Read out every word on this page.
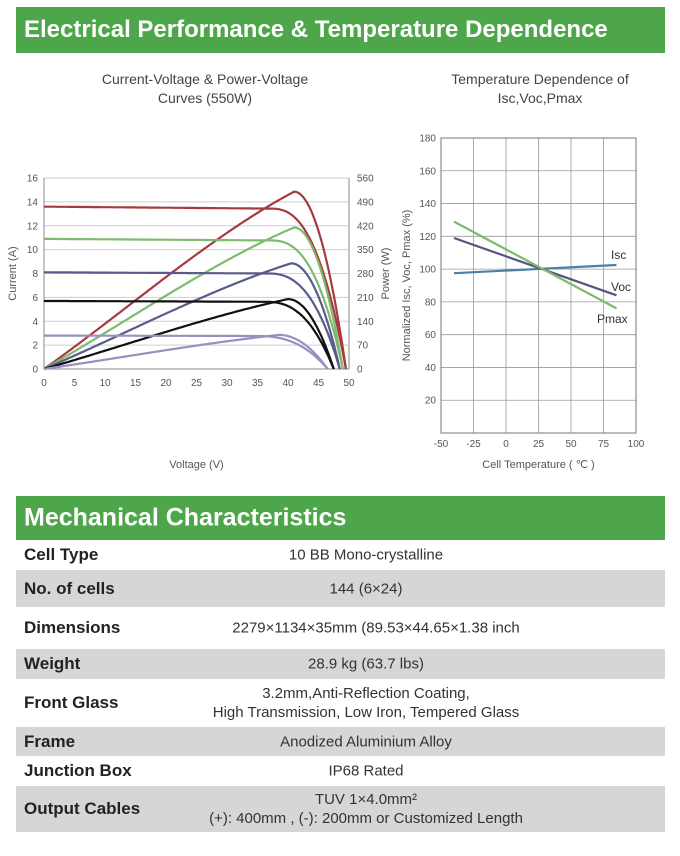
Electrical Performance & Temperature Dependence
Current-Voltage & Power-Voltage
Curves (550W)
Temperature Dependence of
Isc,Voc,Pmax
0
2
4
6
8
10
12
14
16
0
70
140
210
280
350
420
490
560
0 5 10 15 20 25 30 35 40 45 50
Voltage (V)
Current (A)	Power (W)
20
40
60
80
100
120
140
160
180
-50 -25 0 25 50 75 100
Isc
Voc
Pmax
Cell Temperature ( ℃ )
Normalized Isc, Voc, Pmax (%)
Mechanical Characteristics
Cell Type	10 BB Mono-crystalline
No. of cells	144 (6×24)
Dimensions	2279×1134×35mm (89.53×44.65×1.38 inch
Weight	28.9 kg (63.7 lbs)
Front Glass	3.2mm,Anti-Reflection Coating,
High Transmission, Low Iron, Tempered Glass
Frame	Anodized Aluminium Alloy
Junction Box	IP68 Rated
Output Cables	TUV 1×4.0mm²
(+): 400mm , (-): 200mm or Customized Length
